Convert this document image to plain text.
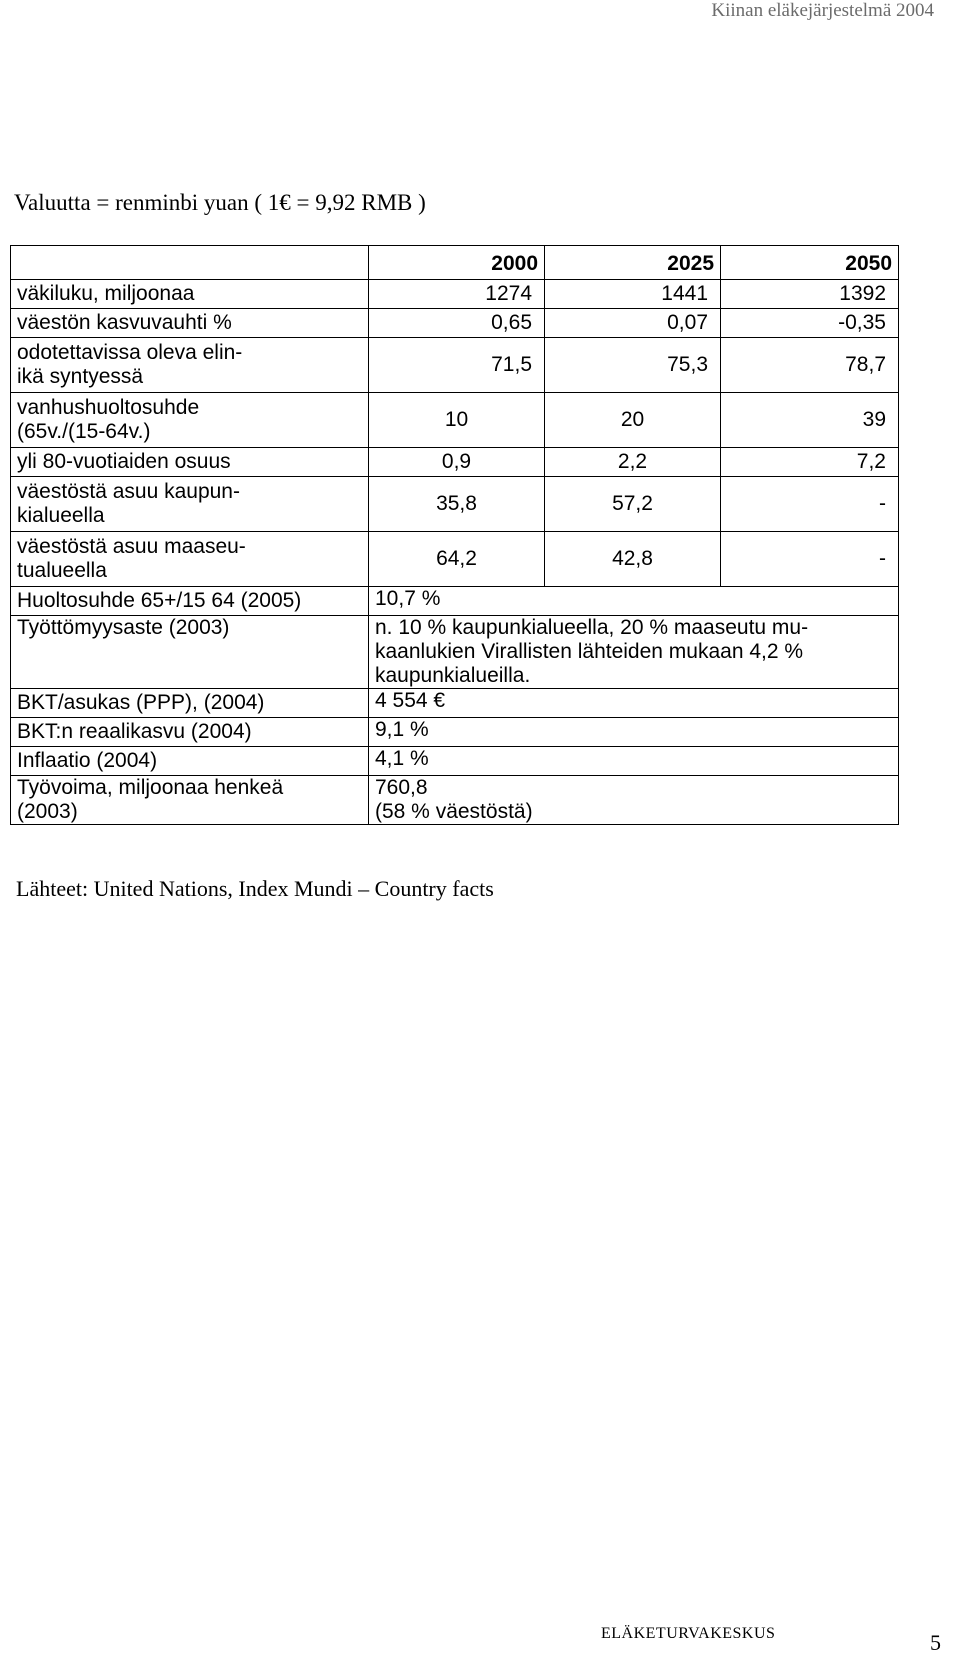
Kiinan eläkejärjestelmä 2004
Valuutta = renminbi yuan ( 1€ = 9,92 RMB )
	2000	2025	2050
väkiluku, miljoonaa	1274	1441	1392
väestön kasvuvauhti %	0,65	0,07	-0,35
odotettavissa oleva elin-
ikä syntyessä	71,5	75,3	78,7
vanhushuoltosuhde
(65v./(15-64v.)	10	20	39
yli 80-vuotiaiden osuus	0,9	2,2	7,2
väestöstä asuu kaupun-
kialueella	35,8	57,2	-
väestöstä asuu maaseu-
tualueella	64,2	42,8	-
Huoltosuhde 65+/15 64 (2005)	10,7 %		
Työttömyysaste (2003)	n. 10 % kaupunkialueella, 20 % maaseutu mu-
kaanlukien Virallisten lähteiden mukaan 4,2 %
kaupunkialueilla.		
BKT/asukas (PPP), (2004)	4 554 €		
BKT:n reaalikasvu (2004)	9,1 %		
Inflaatio (2004)	4,1 %		
Työvoima, miljoonaa henkeä
(2003)	760,8
(58 % väestöstä)		
Lähteet: United Nations, Index Mundi – Country facts
ELÄKETURVAKESKUS	5
